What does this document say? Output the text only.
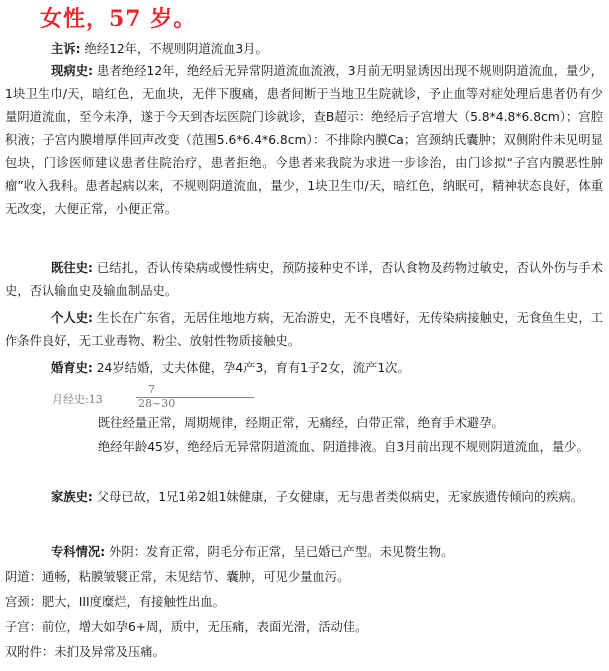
女性，57 岁。

主诉: 绝经12年，不规则阴道流血3月。

现病史: 患者绝经12年，绝经后无异常阴道流血流液，3月前无明显诱因出现不规则阴道流血，量少，1块卫生巾/天，暗红色，无血块，无伴下腹痛，患者间断于当地卫生院就诊，予止血等对症处理后患者仍有少量阴道流血，至今未净，遂于今天到杏坛医院门诊就诊，查B超示：绝经后子宫增大（5.8*4.8*6.8cm）；宫腔积液；子宫内膜增厚伴回声改变（范围5.6*6.4*6.8cm）：不排除内膜Ca；宫颈纳氏囊肿；双侧附件未见明显包块，门诊医师建议患者住院治疗，患者拒绝。今患者来我院为求进一步诊治，由门诊拟“子宫内膜恶性肿瘤”收入我科。患者起病以来，不规则阴道流血，量少，1块卫生巾/天，暗红色，纳眠可，精神状态良好，体重无改变，大便正常，小便正常。

既往史: 已结扎，否认传染病或慢性病史，预防接种史不详，否认食物及药物过敏史，否认外伤与手术史，否认输血史及输血制品史。

个人史: 生长在广东省，无居住地地方病，无冶游史，无不良嗜好，无传染病接触史，无食鱼生史，工作条件良好，无工业毒物、粉尘、放射性物质接触史。

婚育史: 24岁结婚，丈夫体健，孕4产3，育有1子2女，流产1次。

月经史:13
7
28~30

既往经量正常，周期规律，经期正常，无痛经，白带正常，绝育手术避孕。

绝经年龄45岁，绝经后无异常阴道流血、阴道排液。自3月前出现不规则阴道流血，量少。

家族史: 父母已故，1兄1弟2姐1妹健康，子女健康，无与患者类似病史，无家族遗传倾向的疾病。

专科情况: 外阴：发育正常，阴毛分布正常，呈已婚已产型。未见赘生物。

阴道：通畅，粘膜皱襞正常，未见结节、囊肿，可见少量血污。

宫颈：肥大，III度糜烂，有接触性出血。

子宫：前位，增大如孕6+周，质中，无压痛，表面光滑，活动佳。

双附件：未扪及异常及压痛。
